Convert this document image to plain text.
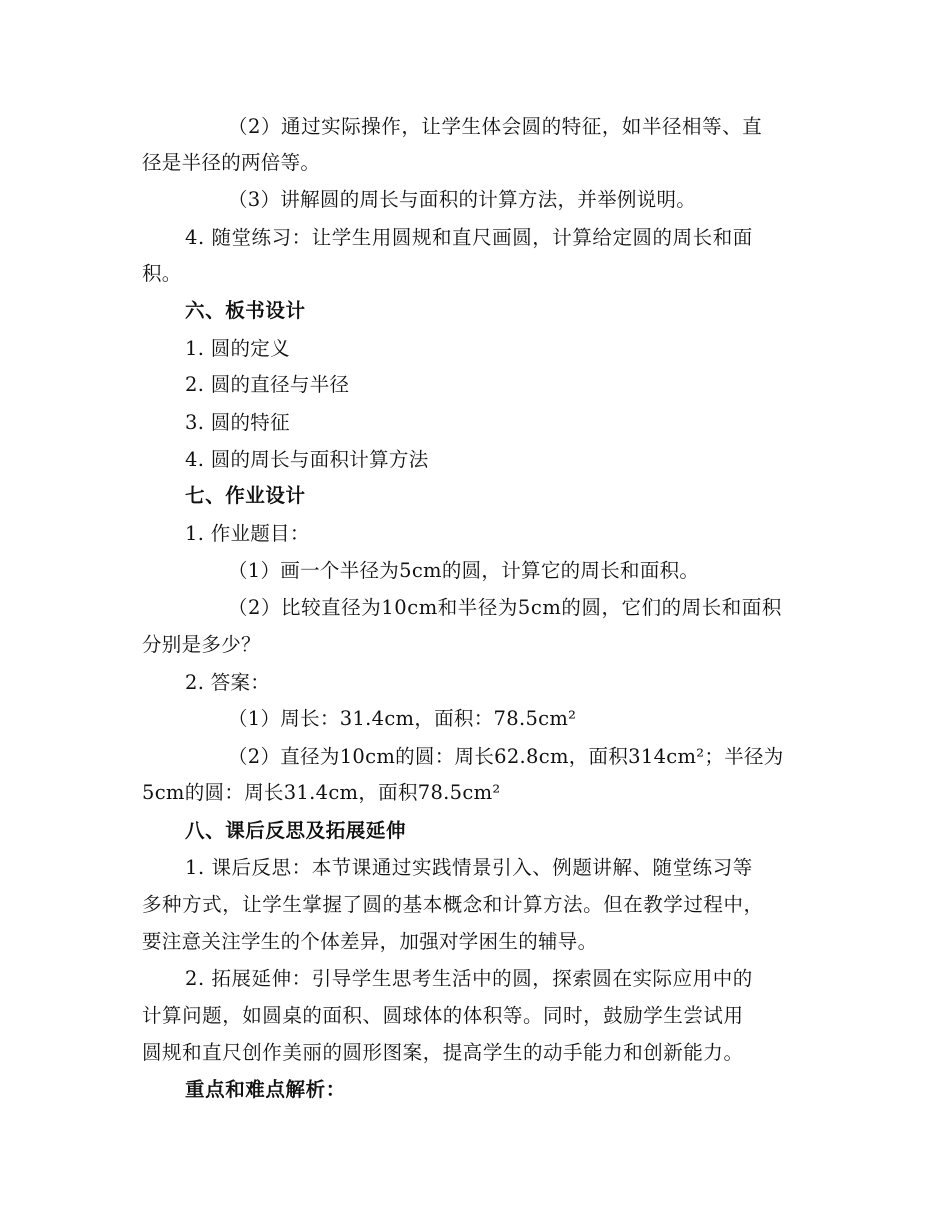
（2）通过实际操作，让学生体会圆的特征，如半径相等、直
径是半径的两倍等。
（3）讲解圆的周长与面积的计算方法，并举例说明。
4. 随堂练习：让学生用圆规和直尺画圆，计算给定圆的周长和面
积。
六、板书设计
1. 圆的定义
2. 圆的直径与半径
3. 圆的特征
4. 圆的周长与面积计算方法
七、作业设计
1. 作业题目：
（1）画一个半径为5cm的圆，计算它的周长和面积。
（2）比较直径为10cm和半径为5cm的圆，它们的周长和面积
分别是多少？
2. 答案：
（1）周长：31.4cm，面积：78.5cm²
（2）直径为10cm的圆：周长62.8cm，面积314cm²；半径为
5cm的圆：周长31.4cm，面积78.5cm²
八、课后反思及拓展延伸
1. 课后反思：本节课通过实践情景引入、例题讲解、随堂练习等
多种方式，让学生掌握了圆的基本概念和计算方法。但在教学过程中，
要注意关注学生的个体差异，加强对学困生的辅导。
2. 拓展延伸：引导学生思考生活中的圆，探索圆在实际应用中的
计算问题，如圆桌的面积、圆球体的体积等。同时，鼓励学生尝试用
圆规和直尺创作美丽的圆形图案，提高学生的动手能力和创新能力。
重点和难点解析：
